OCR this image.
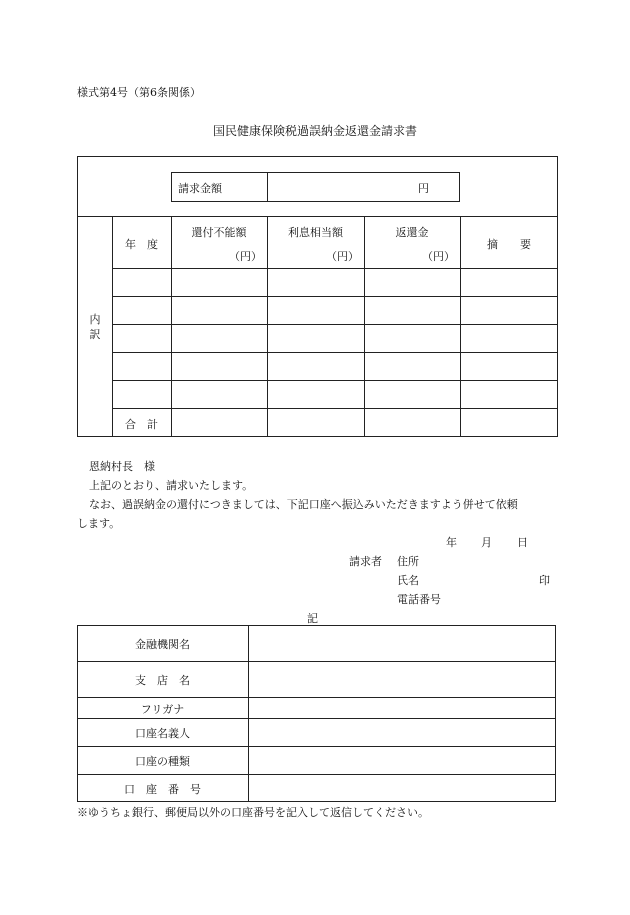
様式第4号（第6条関係）
国民健康保険税過誤納金返還金請求書
請求金額	円
内
訳
年　度
還付不能額
（円）
利息相当額
（円）
返還金
（円）
摘　　要
合　計
恩納村長　様
上記のとおり、請求いたします。
なお、過誤納金の還付につきましては、下記口座へ振込みいただきますよう併せて依頼
します。
年 月 日
請求者 住所
氏名	印
電話番号
記
金融機関名
支　店　名
フリガナ
口座名義人
口座の種類
口　座　番　号
※ゆうちょ銀行、郵便局以外の口座番号を記入して返信してください。
